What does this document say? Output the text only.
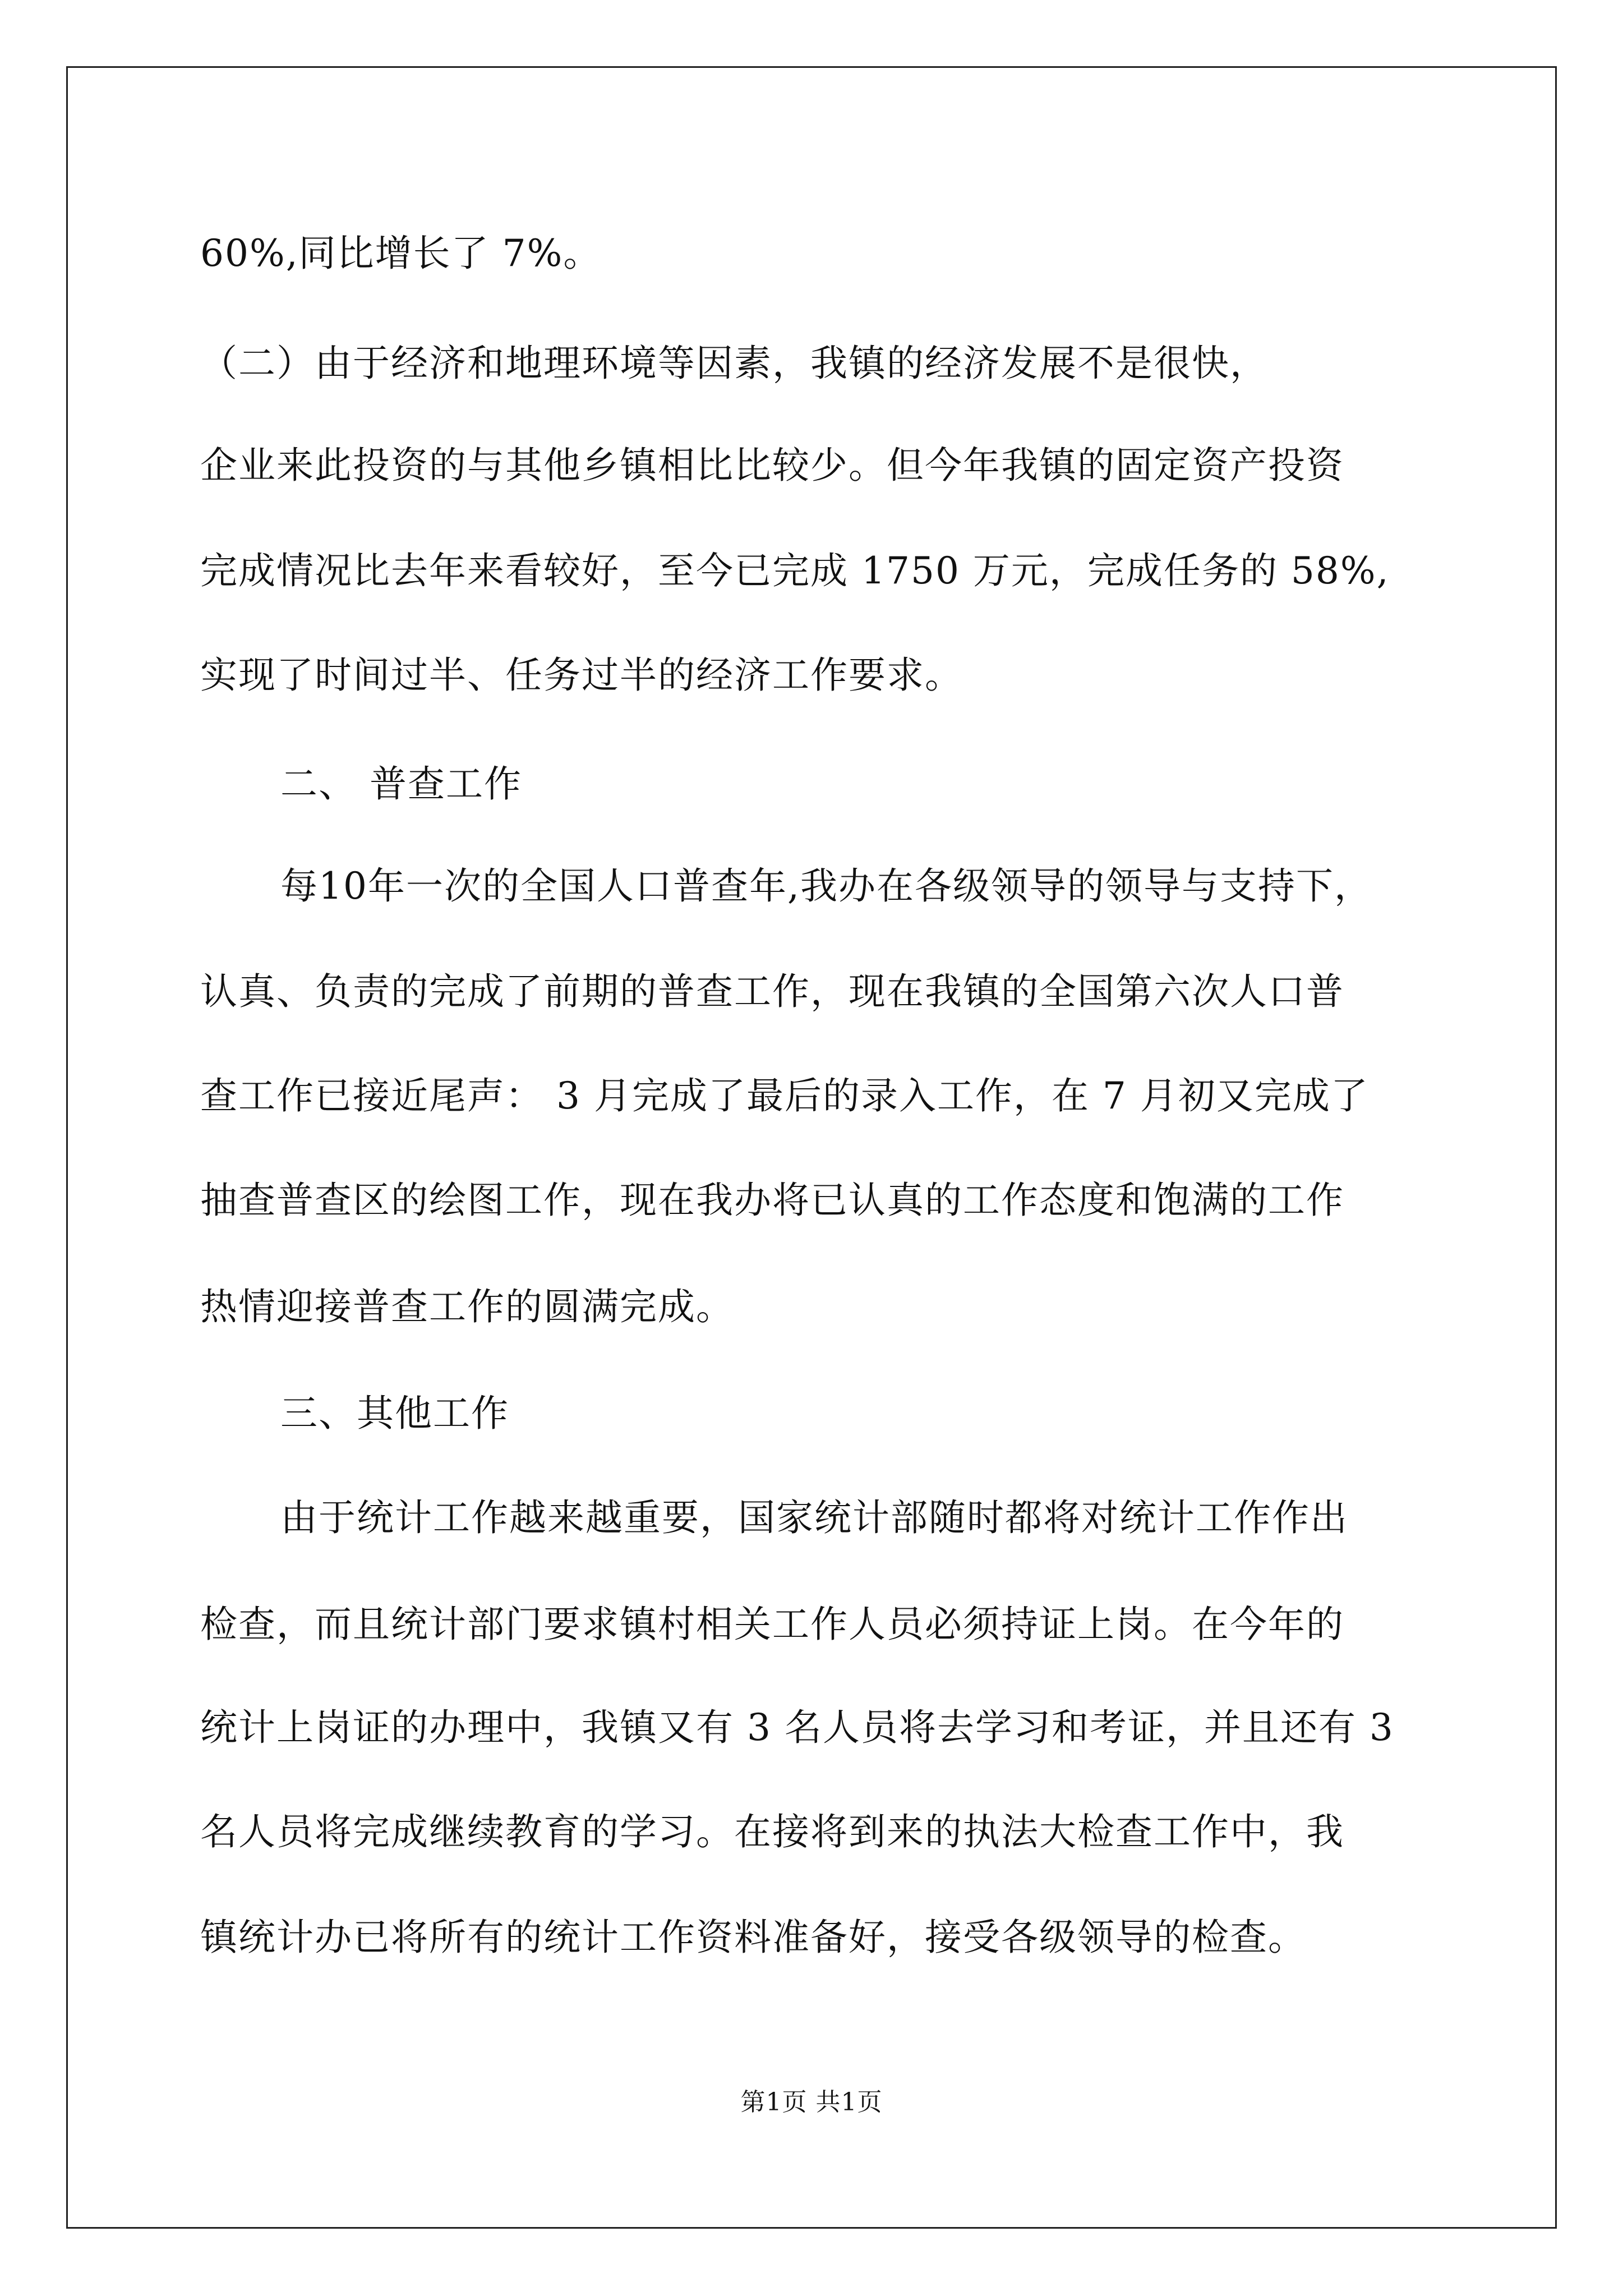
60%,同比增长了 7%。
（二）由于经济和地理环境等因素，我镇的经济发展不是很快，
企业来此投资的与其他乡镇相比比较少。但今年我镇的固定资产投资
完成情况比去年来看较好，至今已完成 1750 万元，完成任务的 58%,
实现了时间过半、任务过半的经济工作要求。
二、 普查工作
每10年一次的全国人口普查年,我办在各级领导的领导与支持下，
认真、负责的完成了前期的普查工作，现在我镇的全国第六次人口普
查工作已接近尾声： 3 月完成了最后的录入工作，在 7 月初又完成了
抽查普查区的绘图工作，现在我办将已认真的工作态度和饱满的工作
热情迎接普查工作的圆满完成。
三、其他工作
由于统计工作越来越重要，国家统计部随时都将对统计工作作出
检查，而且统计部门要求镇村相关工作人员必须持证上岗。在今年的
统计上岗证的办理中，我镇又有 3 名人员将去学习和考证，并且还有 3
名人员将完成继续教育的学习。在接将到来的执法大检查工作中，我
镇统计办已将所有的统计工作资料准备好，接受各级领导的检查。
第1页 共1页
